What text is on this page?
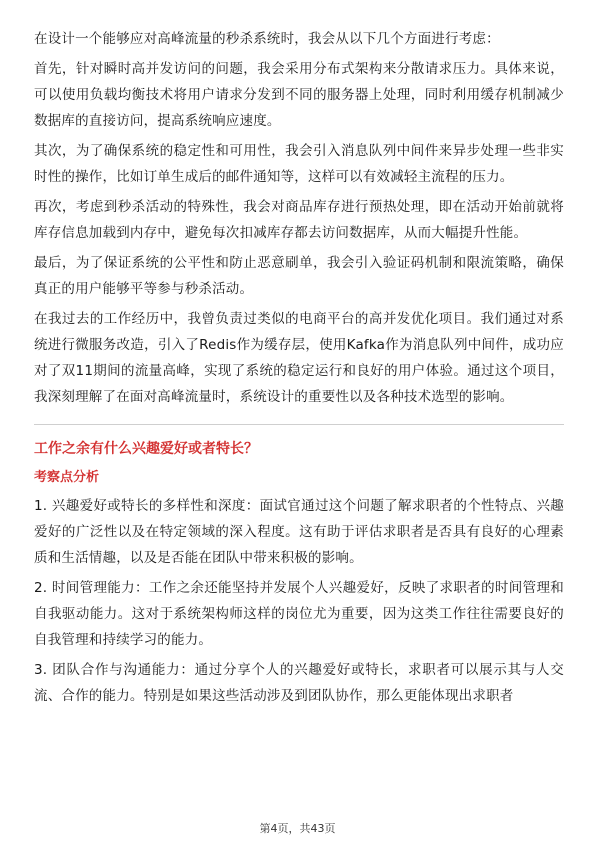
在设计一个能够应对高峰流量的秒杀系统时，我会从以下几个方面进行考虑：

首先，针对瞬时高并发访问的问题，我会采用分布式架构来分散请求压力。具体来说，可以使用负载均衡技术将用户请求分发到不同的服务器上处理，同时利用缓存机制减少数据库的直接访问，提高系统响应速度。

其次，为了确保系统的稳定性和可用性，我会引入消息队列中间件来异步处理一些非实时性的操作，比如订单生成后的邮件通知等，这样可以有效减轻主流程的压力。

再次，考虑到秒杀活动的特殊性，我会对商品库存进行预热处理，即在活动开始前就将库存信息加载到内存中，避免每次扣减库存都去访问数据库，从而大幅提升性能。

最后，为了保证系统的公平性和防止恶意刷单，我会引入验证码机制和限流策略，确保真正的用户能够平等参与秒杀活动。

在我过去的工作经历中，我曾负责过类似的电商平台的高并发优化项目。我们通过对系统进行微服务改造，引入了Redis作为缓存层，使用Kafka作为消息队列中间件，成功应对了双11期间的流量高峰，实现了系统的稳定运行和良好的用户体验。通过这个项目，我深刻理解了在面对高峰流量时，系统设计的重要性以及各种技术选型的影响。

工作之余有什么兴趣爱好或者特长？
考察点分析

1. 兴趣爱好或特长的多样性和深度：面试官通过这个问题了解求职者的个性特点、兴趣爱好的广泛性以及在特定领域的深入程度。这有助于评估求职者是否具有良好的心理素质和生活情趣，以及是否能在团队中带来积极的影响。

2. 时间管理能力：工作之余还能坚持并发展个人兴趣爱好，反映了求职者的时间管理和自我驱动能力。这对于系统架构师这样的岗位尤为重要，因为这类工作往往需要良好的自我管理和持续学习的能力。

3. 团队合作与沟通能力：通过分享个人的兴趣爱好或特长，求职者可以展示其与人交流、合作的能力。特别是如果这些活动涉及到团队协作，那么更能体现出求职者

第4页，共43页
